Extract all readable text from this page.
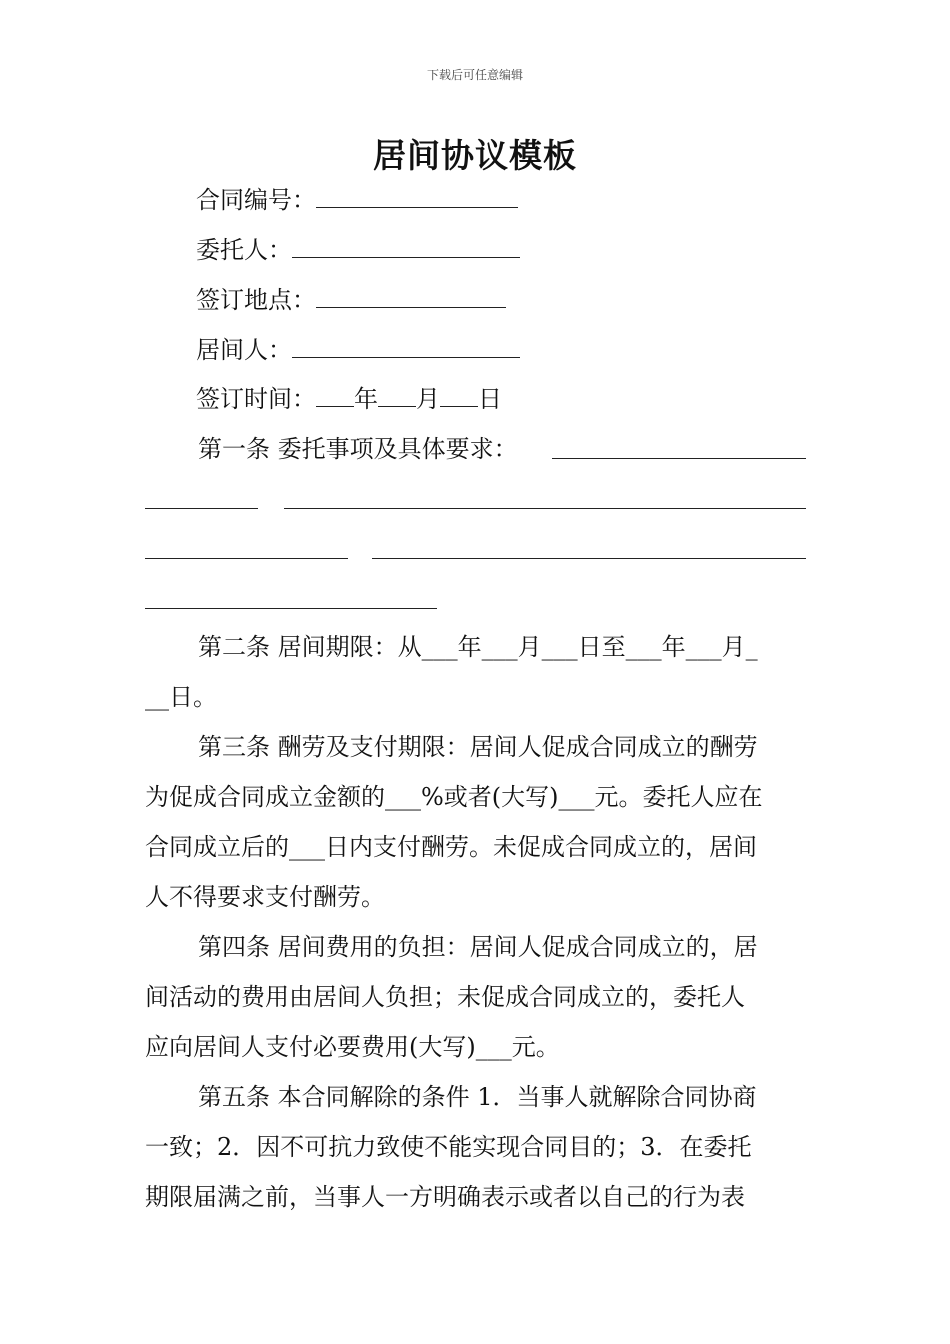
下载后可任意编辑
居间协议模板
合同编号：
委托人：
签订地点：
居间人：
签订时间： 年 月 日
第一条 委托事项及具体要求：
第二条 居间期限：从___年___月___日至___年___月_
__日。
第三条 酬劳及支付期限：居间人促成合同成立的酬劳
为促成合同成立金额的___%或者(大写)___元。委托人应在
合同成立后的___日内支付酬劳。未促成合同成立的，居间
人不得要求支付酬劳。
第四条 居间费用的负担：居间人促成合同成立的，居
间活动的费用由居间人负担；未促成合同成立的，委托人
应向居间人支付必要费用(大写)___元。
第五条 本合同解除的条件 1．当事人就解除合同协商
一致；2．因不可抗力致使不能实现合同目的；3．在委托
期限届满之前，当事人一方明确表示或者以自己的行为表
